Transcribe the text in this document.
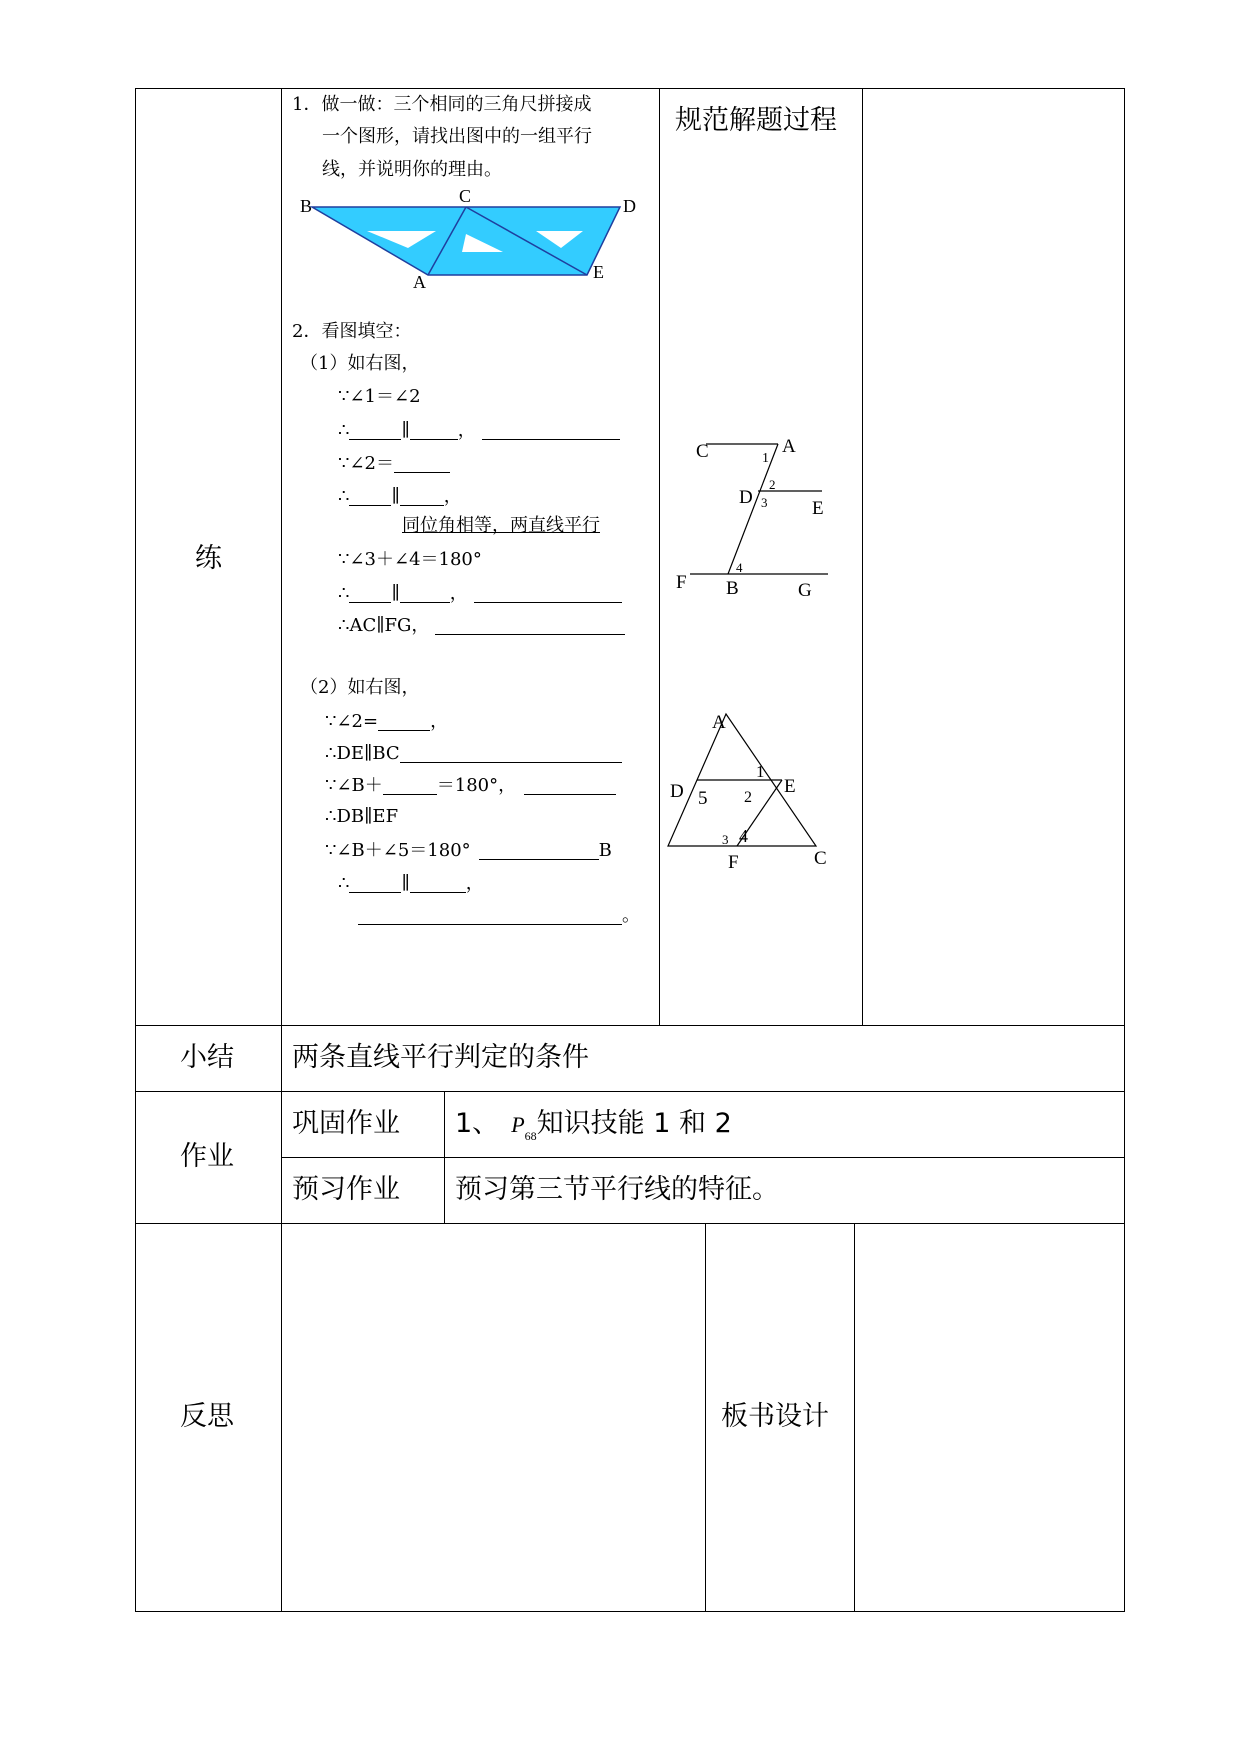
练
1．做一做：三个相同的三角尺拼接成
一个图形，请找出图中的一组平行
线，并说明你的理由。
B	C	D
A	E
2．看图填空：
（1）如右图，
∵∠1＝∠2
∴	∥	，
∵∠2＝
∴ ∥ ，
同位角相等，两直线平行
∵∠3＋∠4＝180°
∴ ∥	，
∴AC∥FG，
（2）如右图，
∵∠2=	，
∴DE∥BC
∵∠B＋	＝180°，
∴DB∥EF
∵∠B＋∠5＝180°	B
∴	∥	，
。
规范解题过程
C	A
1
D
2
3 E
4
F B	G
A
D 5
1
2
E
3 4
F	C
小结 两条直线平行判定的条件
作业
巩固作业 1、 $P_{68}$知识技能 1 和 2
预习作业 预习第三节平行线的特征。
反思	板书设计
